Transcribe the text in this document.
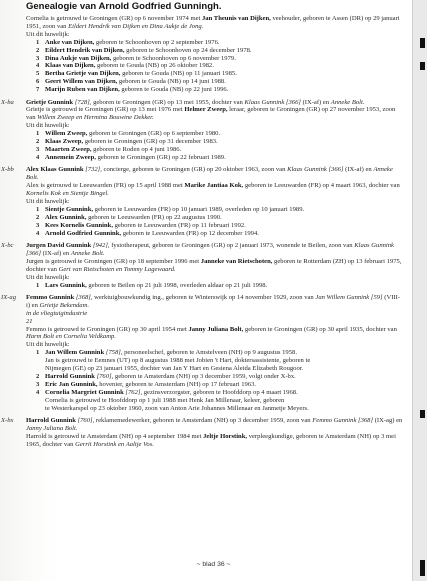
Genealogie van Arnold Godfried Gunningh.

Cornelia is getrouwd te Groningen (GR) op 6 november 1974 met Jan Theunis van Dijken, veehouder, geboren te Assen (DR) op 29 januari 1951, zoon van Eildert Hendrik van Dijken en Dina Aukje de Jong.

Uit dit huwelijk:

1 Anke van Dijken, geboren te Schoonhoven op 2 september 1976.
2 Eildert Hendrik van Dijken, geboren te Schoonhoven op 24 december 1978.
3 Dina Aukje van Dijken, geboren te Schoonhoven op 6 november 1979.
4 Klaas van Dijken, geboren te Gouda (NB) op 26 oktober 1982.
5 Bertha Grietje van Dijken, geboren te Gouda (NB) op 11 januari 1985.
6 Geert Willem van Dijken, geboren te Gouda (NB) op 14 juni 1988.
7 Marijn Ruben van Dijken, geboren te Gouda (NB) op 22 juni 1996.
X-ba Grietje Gunnink [728], geboren te Groningen (GR) op 13 mei 1955, dochter van Klaas Gunnink [366] (IX-af) en Anneke Bolt.

Grietje is getrouwd te Groningen (GR) op 13 mei 1976 met Helmer Zweep, leraar, geboren te Groningen (GR) op 27 november 1953, zoon van Willem Zweep en Hermina Bouwine Dekker.

Uit dit huwelijk:

1 Willem Zweep, geboren te Groningen (GR) op 6 september 1980.
2 Klaas Zweep, geboren te Groningen (GR) op 31 december 1983.
3 Maarten Zweep, geboren te Roden op 4 juni 1986.
4 Annemein Zweep, geboren te Groningen (GR) op 22 februari 1989.
X-bb Alex Klaas Gunnink [732], concierge, geboren te Groningen (GR) op 20 oktober 1963, zoon van Klaas Gunnink [366] (IX-af) en Anneke Bolt.

Alex is getrouwd te Leeuwarden (FR) op 15 april 1988 met Marike Jantiaa Kok, geboren te Leeuwarden (FR) op 4 maart 1963, dochter van Kornelis Kok en Sientje Bingel.

Uit dit huwelijk:

1 Sientje Gunnink, geboren te Leeuwarden (FR) op 10 januari 1989, overleden op 10 januari 1989.
2 Alex Gunnink, geboren te Leeuwarden (FR) op 22 augustus 1990.
3 Kees Kornelis Gunnink, geboren te Leeuwarden (FR) op 11 februari 1992.
4 Arnold Godfried Gunnink, geboren te Leeuwarden (FR) op 12 december 1994.
X-bc Jurgen David Gunnink [942], fysiotherapeut, geboren te Groningen (GR) op 2 januari 1973, wonende te Beilen, zoon van Klaas Gunnink [366] (IX-af) en Anneke Bolt.

Jurgen is getrouwd te Groningen (GR) op 18 september 1996 met Janneke van Rietschoten, geboren te Rotterdam (ZH) op 13 februari 1975, dochter van Gert van Rietschoten en Tommy Lagewaard.

Uit dit huwelijk:

1 Lars Gunnink, geboren te Beilen op 21 juli 1998, overleden aldaar op 21 juli 1998.
IX-ag Femmo Gunnink [368], werktuigbouwkundig ing., geboren te Winterswijk op 14 november 1929, zoon van Jan Willem Gunnink [59] (VIII-i) en Grietje Bekendam.

in de vliegtuigindustrie

21

Femmo is getrouwd te Groningen (GR) op 30 april 1954 met Janny Juliana Bolt, geboren te Groningen (GR) op 30 april 1935, dochter van Harm Bolt en Cornelia Veldkamp.

Uit dit huwelijk:

1 Jan Willem Gunnink [758], personeelschef, geboren te Amstelveen (NH) op 9 augustus 1958.
Jan is getrouwd te Eemnes (UT) op 8 augustus 1988 met Jobien 't Hart, doktersassistente, geboren te
Nijmegen (GE) op 23 januari 1955, dochter van Jan Y Hart en Gesiena Aleida Elizabeth Rougoor.
2 Harrold Gunnink [760], geboren te Amsterdam (NH) op 3 december 1959, volgt onder X-bx.
3 Eric Jan Gunnink, hovenier, geboren te Amsterdam (NH) op 17 februari 1963.
4 Cornelia Margriet Gunnink [762], gezinsverzorgster, geboren te Hoofddorp op 4 maart 1968.
Cornelia is getrouwd te Hoofddorp op 1 juli 1988 met Henk Jan Millenaar, keleer, geboren
te Westerkarspel op 23 oktober 1960, zoon van Anton Arie Johannes Millenaar en Janmetje Meyers.
X-bx Harrold Gunnink [760], reklamemedewerker, geboren te Amsterdam (NH) op 3 december 1959, zoon van Femmo Gunnink [368] (IX-ag) en Janny Juliana Bolt.

Harrold is getrouwd te Amsterdam (NH) op 4 september 1984 met Jeltje Horstink, verpleegkundige, geboren te Amsterdam (NH) op 3 mei 1965, dochter van Gerrit Horstink en Aaltje Vos.

~ blad 36 ~
